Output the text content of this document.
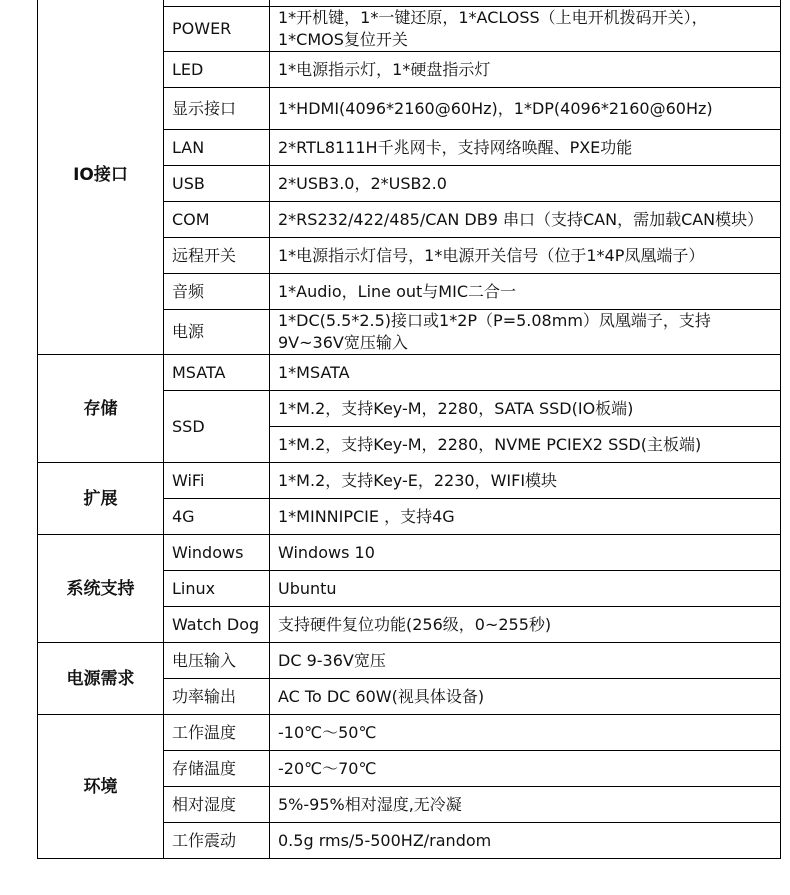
IO接口		
	POWER	1*开机键，1*一键还原，1*ACLOSS（上电开机拨码开关），1*CMOS复位开关
	LED	1*电源指示灯，1*硬盘指示灯
	显示接口	1*HDMI(4096*2160@60Hz)，1*DP(4096*2160@60Hz)
	LAN	2*RTL8111H千兆网卡，支持网络唤醒、PXE功能
	USB	2*USB3.0，2*USB2.0
	COM	2*RS232/422/485/CAN DB9 串口（支持CAN，需加载CAN模块）
	远程开关	1*电源指示灯信号，1*电源开关信号（位于1*4P凤凰端子）
	音频	1*Audio，Line out与MIC二合一
	电源	1*DC(5.5*2.5)接口或1*2P（P=5.08mm）凤凰端子，支持9V~36V宽压输入
存储	MSATA	1*MSATA
	SSD	1*M.2，支持Key-M，2280，SATA SSD(IO板端)
		1*M.2，支持Key-M，2280，NVME PCIEX2 SSD(主板端)
扩展	WiFi	1*M.2，支持Key-E，2230，WIFI模块
	4G	1*MINNIPCIE ，支持4G
系统支持	Windows	Windows 10
	Linux	Ubuntu
	Watch Dog	支持硬件复位功能(256级，0~255秒)
电源需求	电压输入	DC 9-36V宽压
	功率输出	AC To DC 60W(视具体设备)
环境	工作温度	-10℃～50℃
	存储温度	-20℃～70℃
	相对湿度	5%-95%相对湿度,无冷凝
	工作震动	0.5g rms/5-500HZ/random
